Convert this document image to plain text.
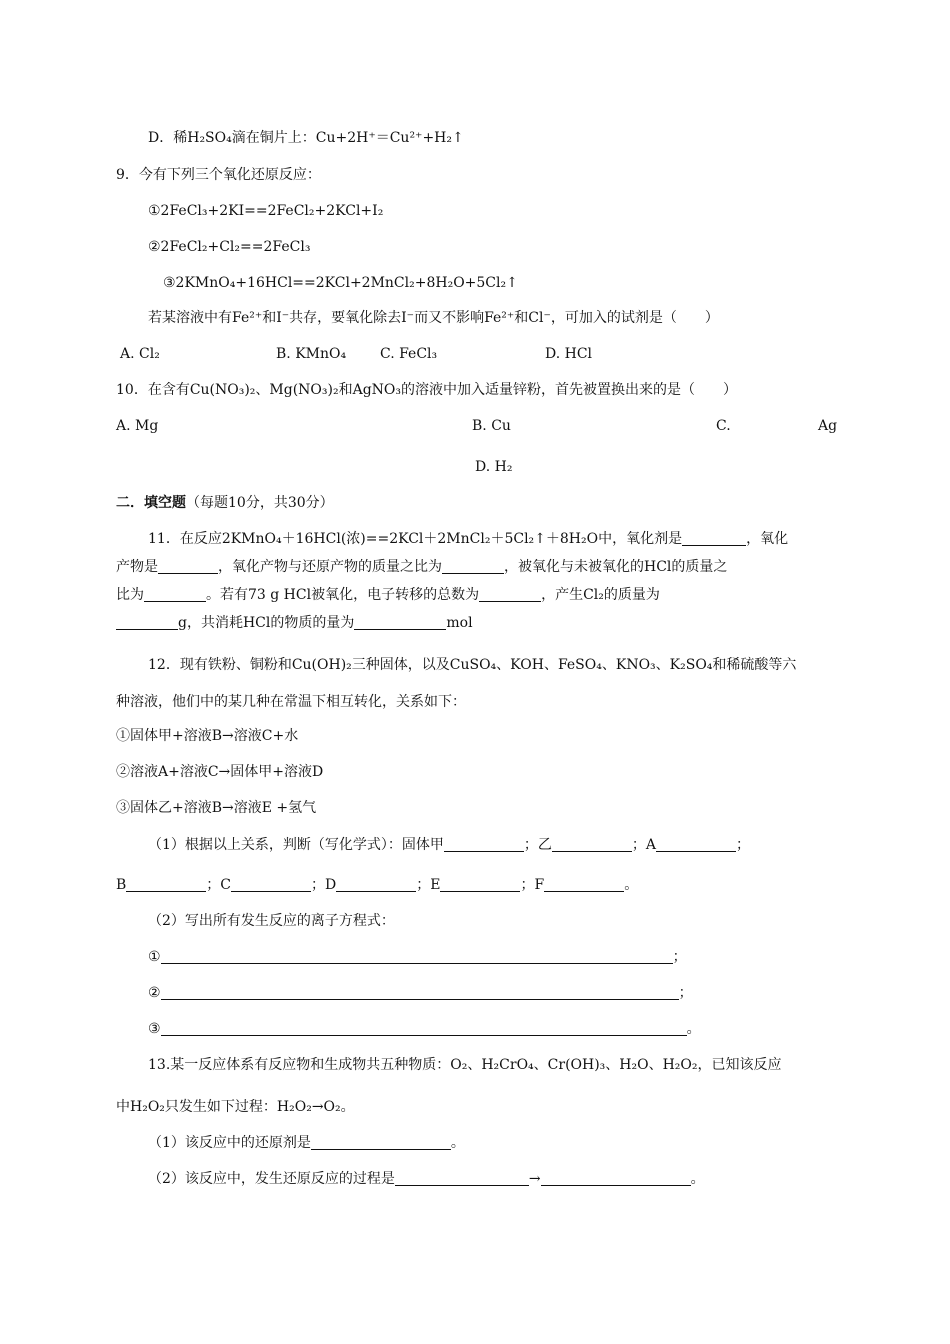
D．稀H₂SO₄滴在铜片上：Cu+2H⁺＝Cu²⁺+H₂↑
9．今有下列三个氧化还原反应：
①2FeCl₃+2KI==2FeCl₂+2KCl+I₂
②2FeCl₂+Cl₂==2FeCl₃
③2KMnO₄+16HCl==2KCl+2MnCl₂+8H₂O+5Cl₂↑
若某溶液中有Fe²⁺和I⁻共存，要氧化除去I⁻而又不影响Fe²⁺和Cl⁻，可加入的试剂是（　　）
A. Cl₂	B. KMnO₄ C. FeCl₃	D. HCl
10．在含有Cu(NO₃)₂、Mg(NO₃)₂和AgNO₃的溶液中加入适量锌粉，首先被置换出来的是（　　）
A. Mg	B. Cu	C.	Ag
D. H₂
二．填空题（每题10分，共30分）
11．在反应2KMnO₄＋16HCl(浓)==2KCl＋2MnCl₂＋5Cl₂↑＋8H₂O中，氧化剂是	，氧化
产物是	，氧化产物与还原产物的质量之比为	，被氧化与未被氧化的HCl的质量之
比为	。若有73 g HCl被氧化，电子转移的总数为	，产生Cl₂的质量为
g，共消耗HCl的物质的量为	mol
12．现有铁粉、铜粉和Cu(OH)₂三种固体，以及CuSO₄、KOH、FeSO₄、KNO₃、K₂SO₄和稀硫酸等六
种溶液，他们中的某几种在常温下相互转化，关系如下：
①固体甲+溶液B→溶液C+水
②溶液A+溶液C→固体甲+溶液D
③固体乙+溶液B→溶液E +氢气
（1）根据以上关系，判断（写化学式）：固体甲	；乙	；A	；
B	；C	；D	；E	；F	。
（2）写出所有发生反应的离子方程式：
①	；
②	；
③	。
13.某一反应体系有反应物和生成物共五种物质：O₂、H₂CrO₄、Cr(OH)₃、H₂O、H₂O₂，已知该反应
中H₂O₂只发生如下过程：H₂O₂→O₂。
（1）该反应中的还原剂是	。
（2）该反应中，发生还原反应的过程是	→	。
